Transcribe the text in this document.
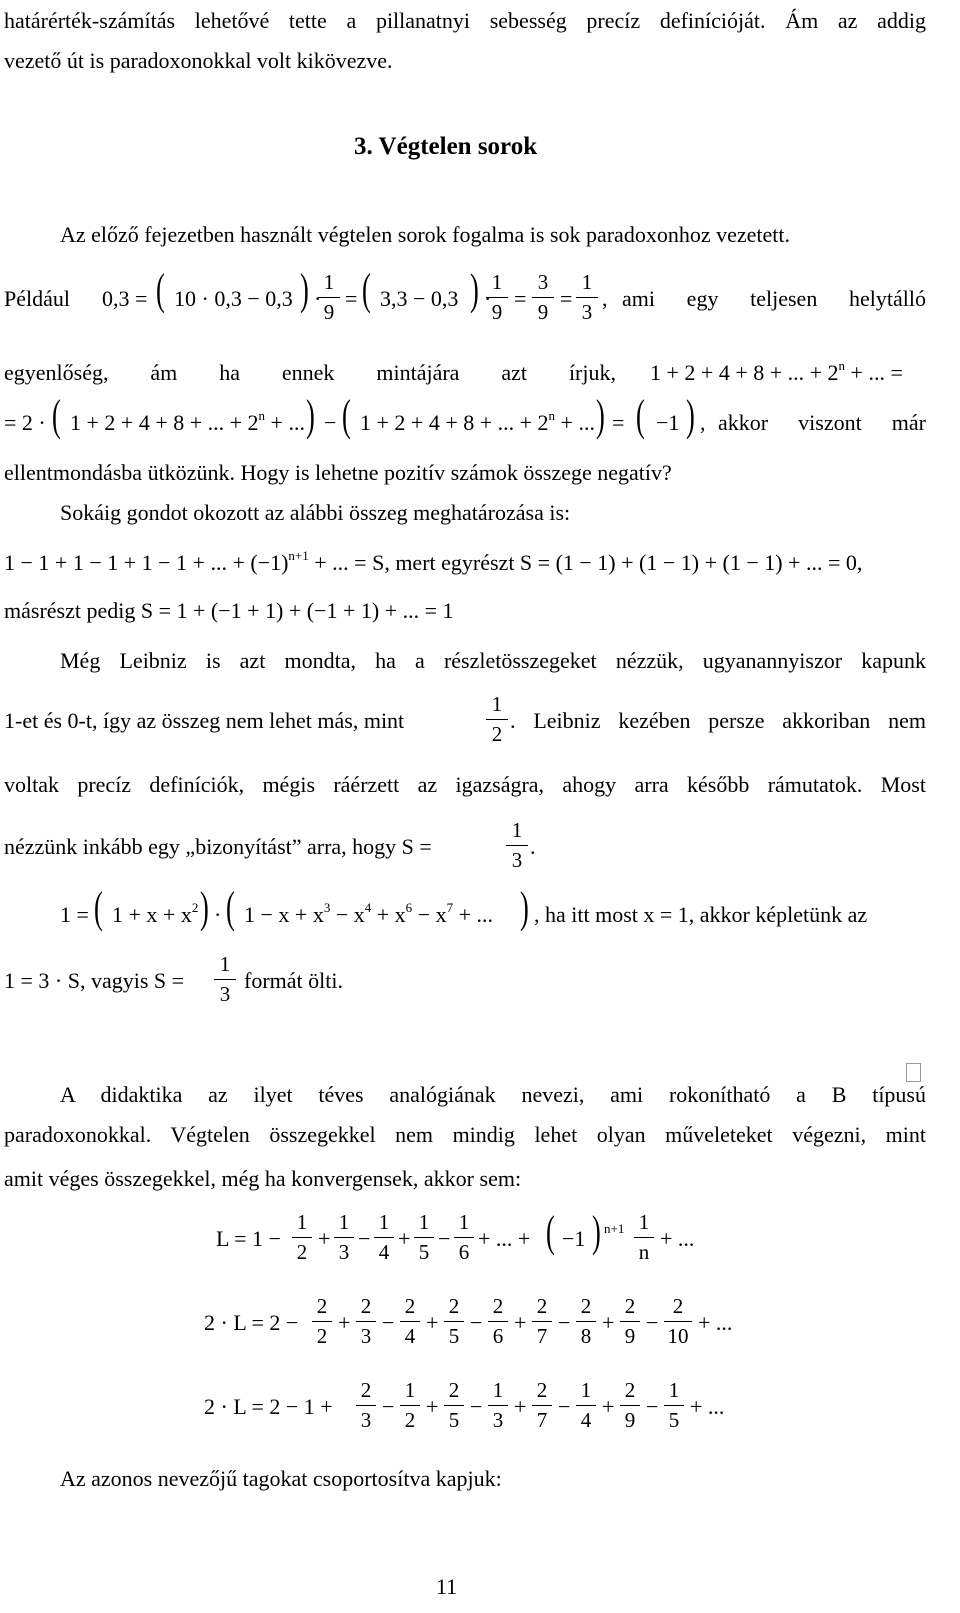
határérték-számítás lehetővé tette a pillanatnyi sebesség precíz definícióját. Ám az addig
vezető út is paradoxonokkal volt kikövezve.
3. Végtelen sorok
Az előző fejezetben használt végtelen sorok fogalma is sok paradoxonhoz vezetett.
Például 0,3 = ( 10 · 0,3 − 0,3 ) ·
1
9
= ( 3,3 − 0,3 ) ·
1
9
=
3
9
=
1
3
, ami egy teljesen helytálló
egyenlőség, ám ha ennek mintájára azt írjuk, 1 + 2 + 4 + 8 + ... + $2^n$ + ... =
= 2 · ( 1 + 2 + 4 + 8 + ... + $2^n$ + ... ) − ( 1 + 2 + 4 + 8 + ... + $2^n$ + ... ) = ( −1 ) , akkor viszont már
ellentmondásba ütközünk. Hogy is lehetne pozitív számok összege negatív?
Sokáig gondot okozott az alábbi összeg meghatározása is:
1 − 1 + 1 − 1 + 1 − 1 + ... + $(-1)^{n+1}$ + ... = S, mert egyrészt S = (1 − 1) + (1 − 1) + (1 − 1) + ... = 0,
másrészt pedig S = 1 + (−1 + 1) + (−1 + 1) + ... = 1
Még Leibniz is azt mondta, ha a részletösszegeket nézzük, ugyanannyiszor kapunk
1-et és 0-t, így az összeg nem lehet más, mint
1
2
. Leibniz kezében persze akkoriban nem
voltak precíz definíciók, mégis ráérzett az igazságra, ahogy arra később rámutatok. Most
nézzünk inkább egy „bizonyítást” arra, hogy S =
1
3
.
1 = ( $1 + x + x^2$ ) · ( $1 - x + x^3 - x^4 + x^6 - x^7$ + ... ) , ha itt most x = 1, akkor képletünk az
1 = 3 · S, vagyis S =
1
3
formát ölti.
A didaktika az ilyet téves analógiának nevezi, ami rokonítható a B típusú
paradoxonokkal. Végtelen összegekkel nem mindig lehet olyan műveleteket végezni, mint
amit véges összegekkel, még ha konvergensek, akkor sem:
L = 1 −
1
2
+
1
3
−
1
4
+
1
5
−
1
6
+ ... + ( −1 ) n+1 1
n
+ ...
2 · L = 2 −
2
2
+
2
3
−
2
4
+
2
5
−
2
6
+
2
7
−
2
8
+
2
9
−
2
10
+ ...
2 · L = 2 − 1 +
2
3
−
1
2
+
2
5
−
1
3
+
2
7
−
1
4
+
2
9
−
1
5
+ ...
Az azonos nevezőjű tagokat csoportosítva kapjuk:
11
